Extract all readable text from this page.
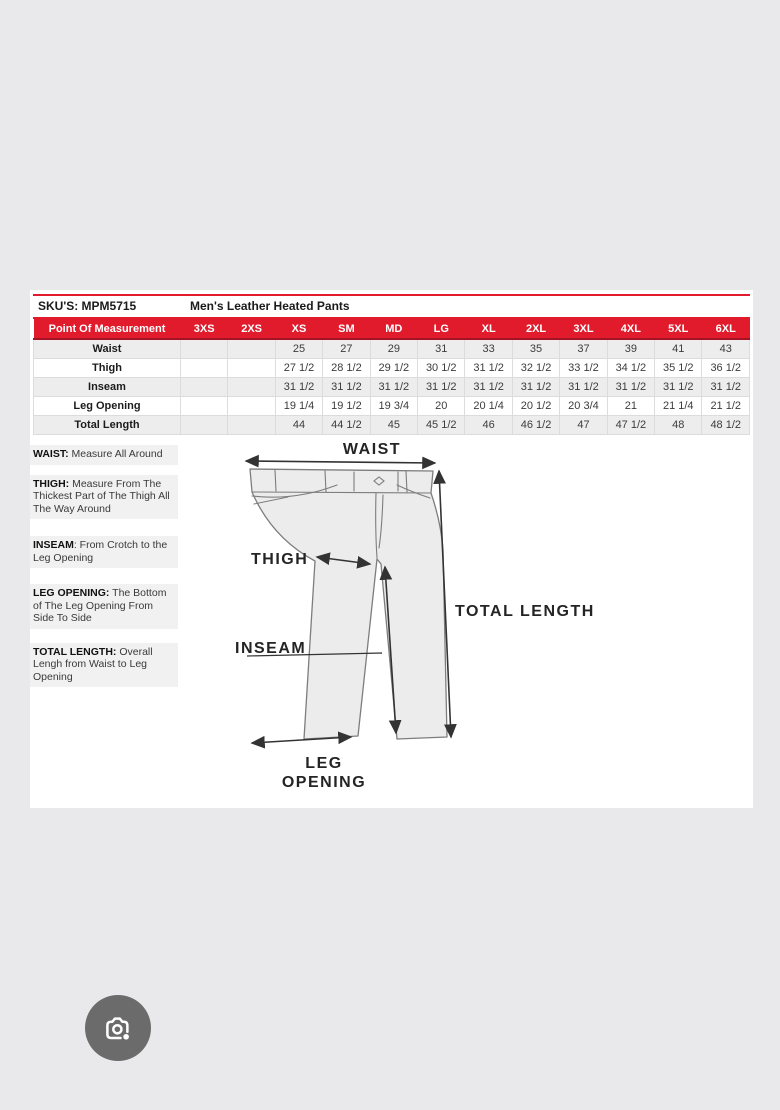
SKU'S: MPM5715	Men's Leather Heated Pants
Point Of Measurement	3XS	2XS	XS	SM	MD	LG	XL	2XL	3XL	4XL	5XL	6XL
Waist			25	27	29	31	33	35	37	39	41	43
Thigh			27 1/2	28 1/2	29 1/2	30 1/2	31 1/2	32 1/2	33 1/2	34 1/2	35 1/2	36 1/2
Inseam			31 1/2	31 1/2	31 1/2	31 1/2	31 1/2	31 1/2	31 1/2	31 1/2	31 1/2	31 1/2
Leg Opening			19 1/4	19 1/2	19 3/4	20	20 1/4	20 1/2	20 3/4	21	21 1/4	21 1/2
Total Length			44	44 1/2	45	45 1/2	46	46 1/2	47	47 1/2	48	48 1/2
WAIST: Measure All Around
THIGH: Measure From The Thickest Part of The Thigh All The Way Around
INSEAM: From Crotch to the Leg Opening
LEG OPENING: The Bottom of The Leg Opening From Side To Side
TOTAL LENGTH: Overall Lengh from Waist to Leg Opening
WAIST
THIGH
TOTAL LENGTH
INSEAM
LEG
OPENING
